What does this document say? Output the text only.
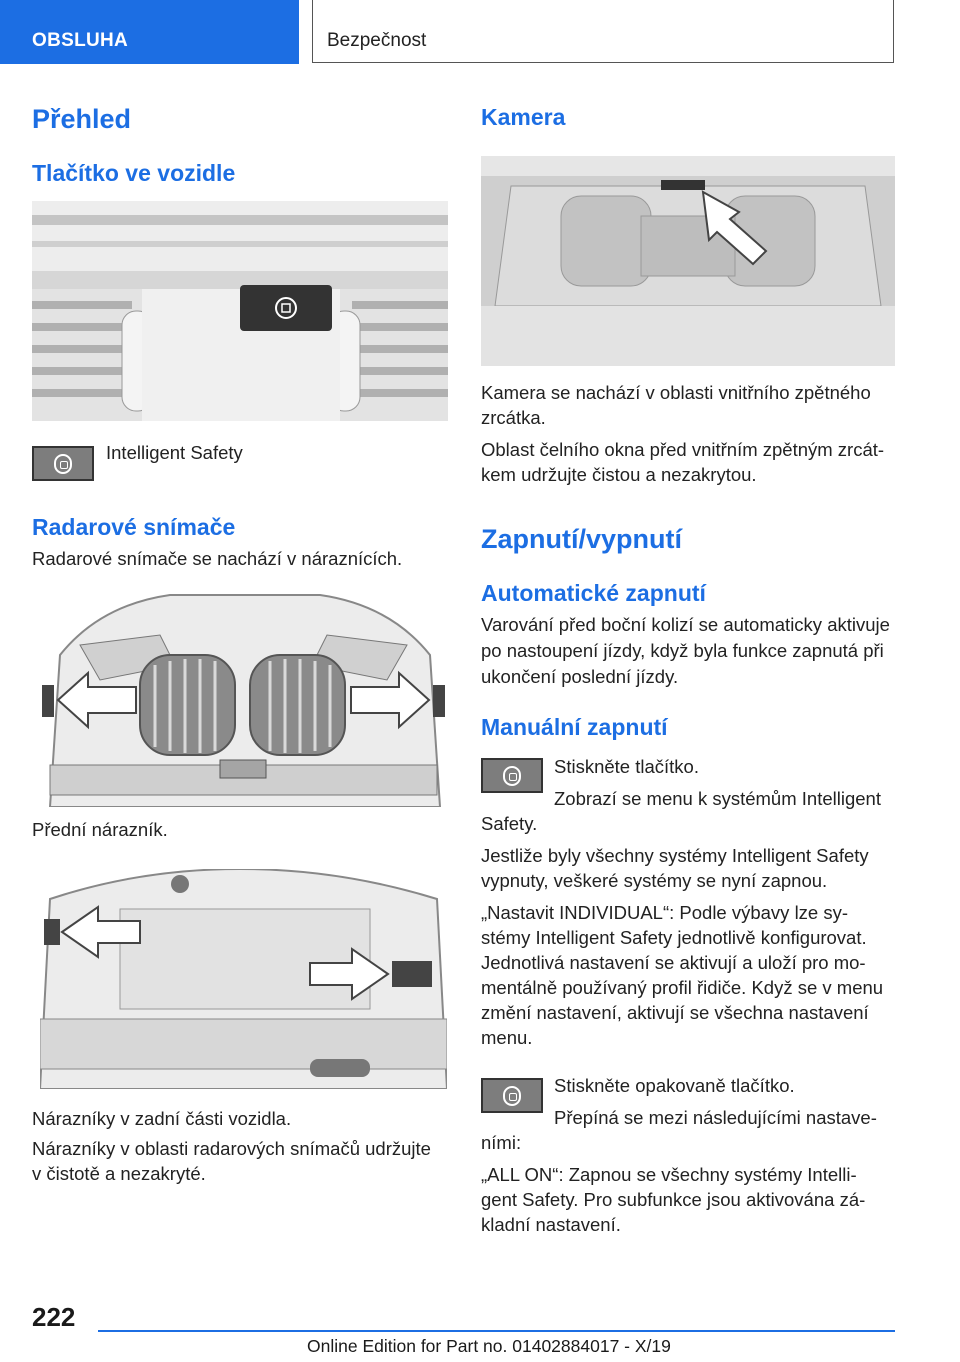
OBSLUHA	Bezpečnost
Přehled
Tlačítko ve vozidle
Intelligent Safety
Radarové snímače
Radarové snímače se nachází v náraznících.
Přední nárazník.
Nárazníky v zadní části vozidla.
Nárazníky v oblasti radarových snímačů udržujte
v čistotě a nezakryté.
Kamera
Kamera se nachází v oblasti vnitřního zpětného
zrcátka.
Oblast čelního okna před vnitřním zpětným zrcát-
kem udržujte čistou a nezakrytou.
Zapnutí/vypnutí
Automatické zapnutí
Varování před boční kolizí se automaticky aktivuje
po nastoupení jízdy, když byla funkce zapnutá při
ukončení poslední jízdy.
Manuální zapnutí
Stiskněte tlačítko.
Zobrazí se menu k systémům Intelligent
Safety.
Jestliže byly všechny systémy Intelligent Safety
vypnuty, veškeré systémy se nyní zapnou.
„Nastavit INDIVIDUAL“: Podle výbavy lze sy-
stémy Intelligent Safety jednotlivě konfigurovat.
Jednotlivá nastavení se aktivují a uloží pro mo-
mentálně používaný profil řidiče. Když se v menu
změní nastavení, aktivují se všechna nastavení
menu.
Stiskněte opakovaně tlačítko.
Přepíná se mezi následujícími nastave-
ními:
„ALL ON“: Zapnou se všechny systémy Intelli-
gent Safety. Pro subfunkce jsou aktivována zá-
kladní nastavení.
222
Online Edition for Part no. 01402884017 - X/19
